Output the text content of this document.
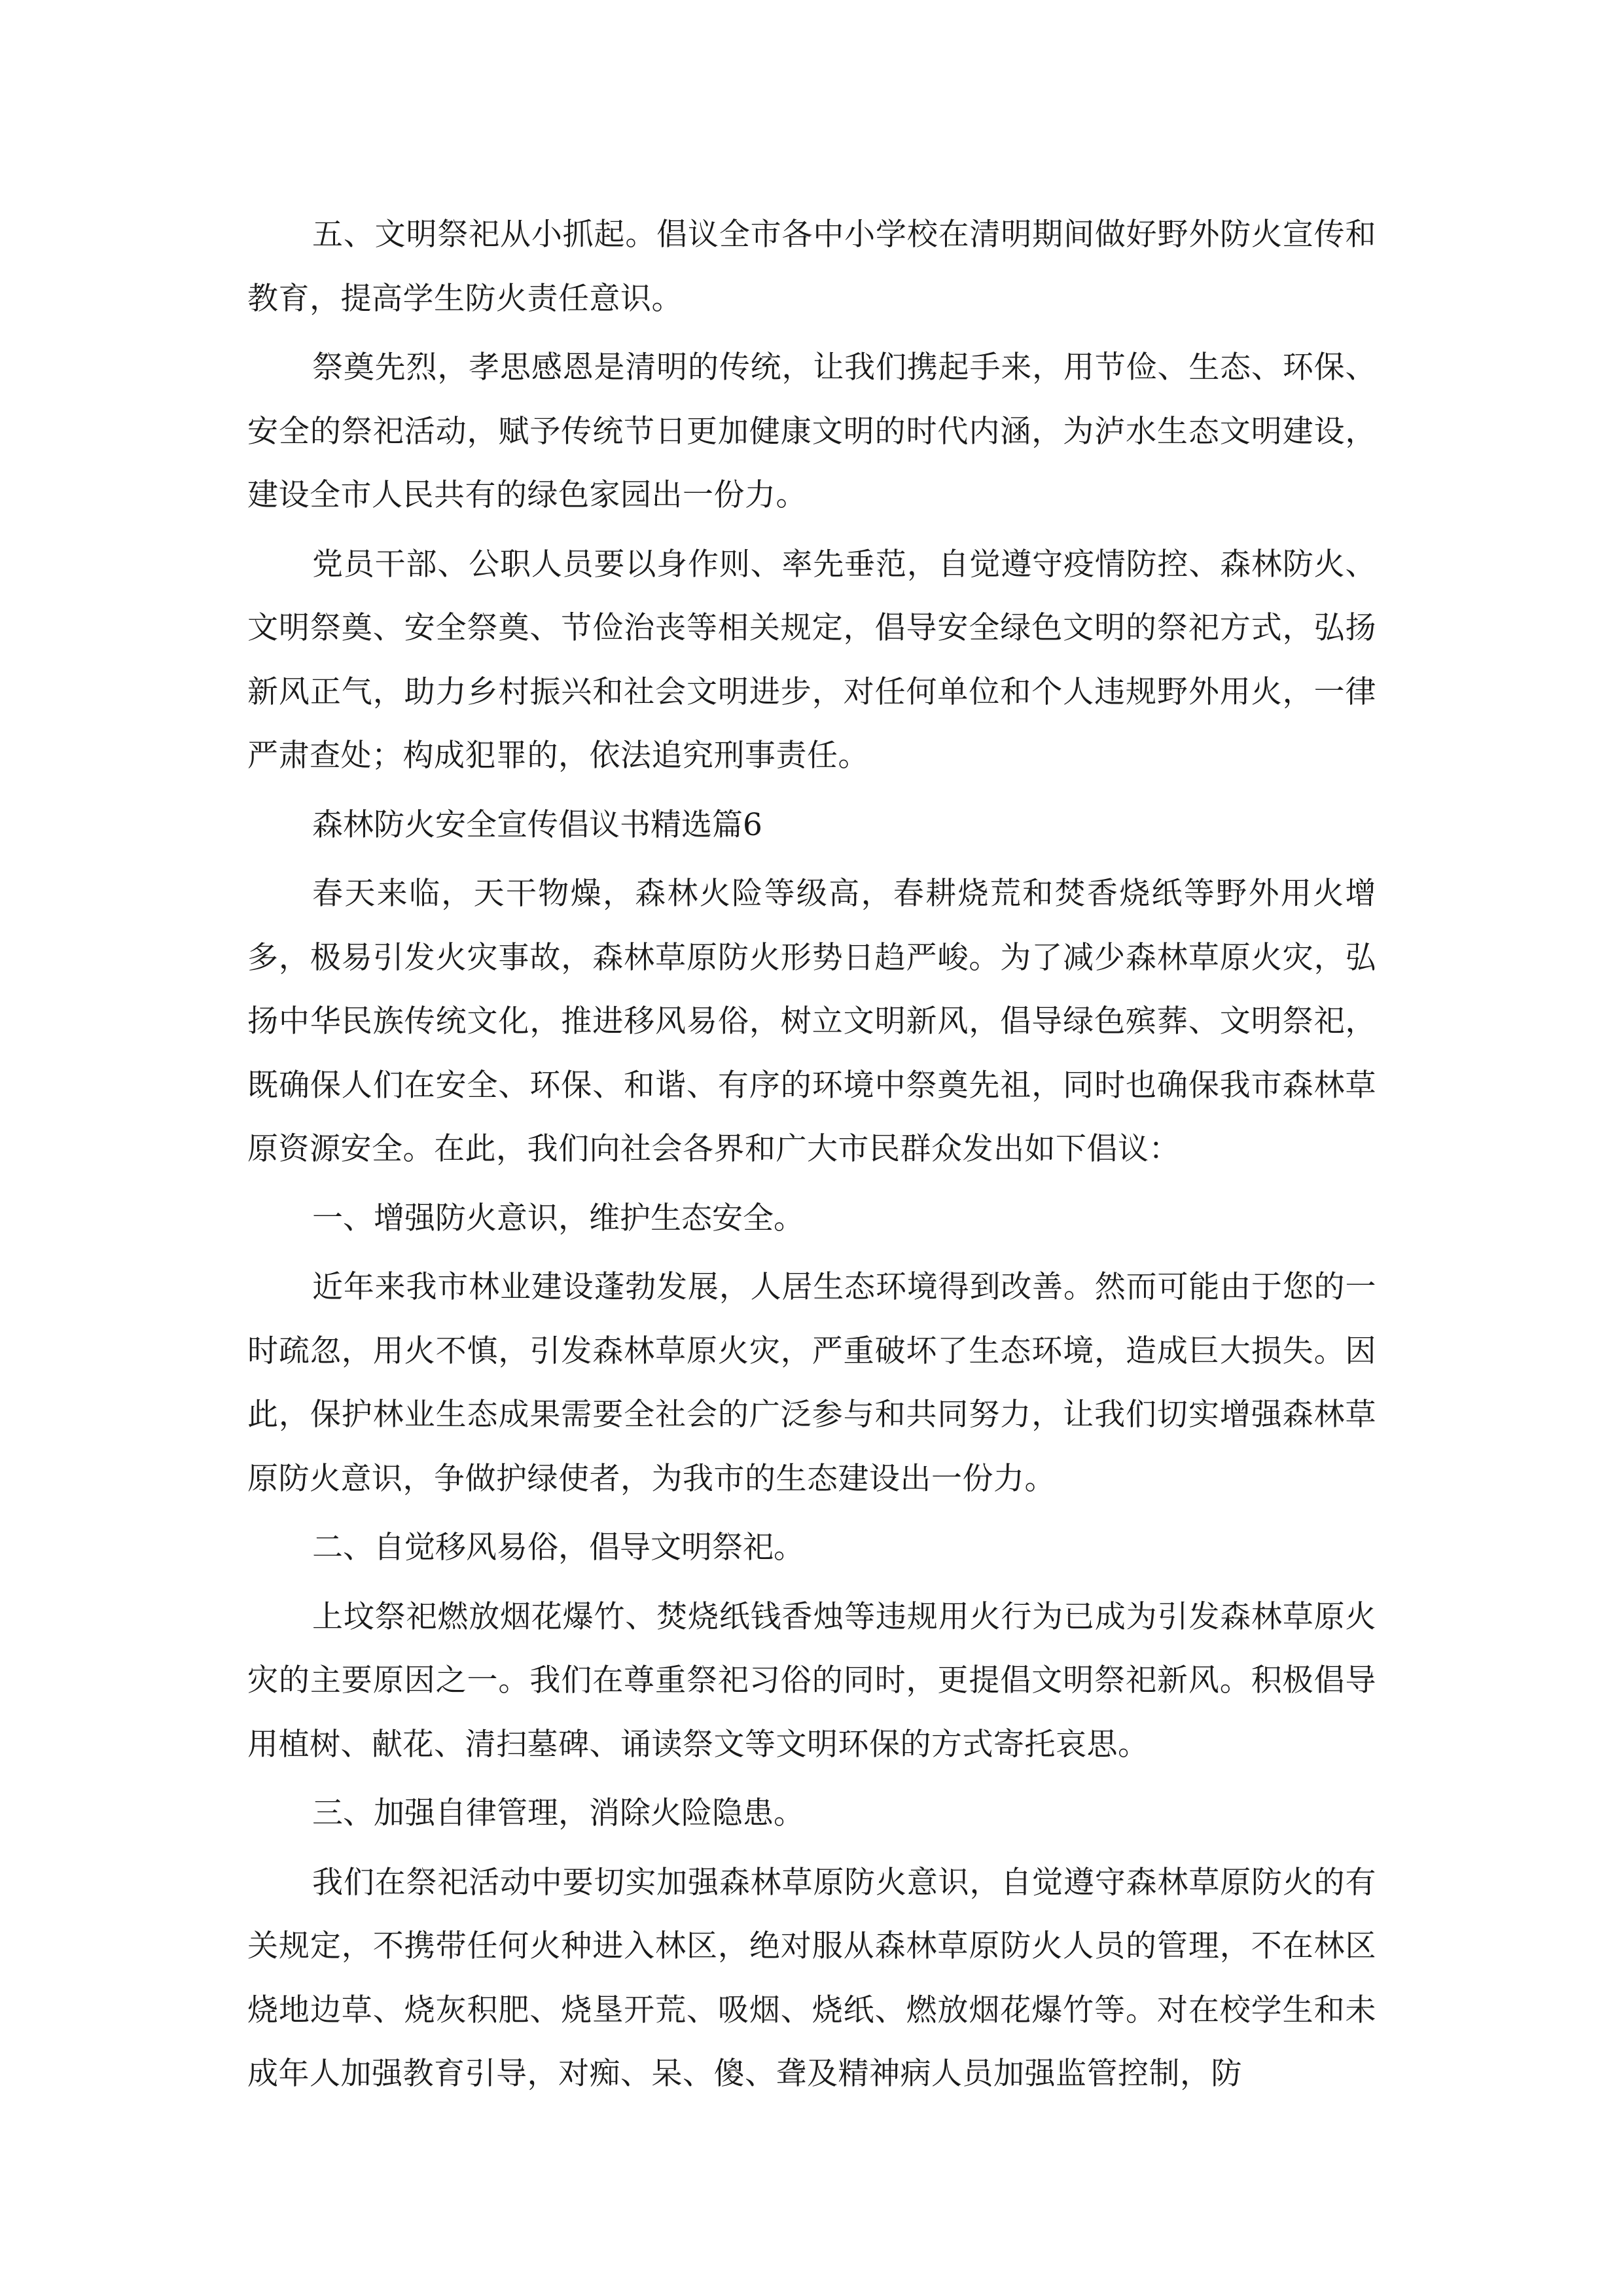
五、文明祭祀从小抓起。倡议全市各中小学校在清明期间做好野外防火宣传和教育，提高学生防火责任意识。

祭奠先烈，孝思感恩是清明的传统，让我们携起手来，用节俭、生态、环保、安全的祭祀活动，赋予传统节日更加健康文明的时代内涵，为泸水生态文明建设，建设全市人民共有的绿色家园出一份力。

党员干部、公职人员要以身作则、率先垂范，自觉遵守疫情防控、森林防火、文明祭奠、安全祭奠、节俭治丧等相关规定，倡导安全绿色文明的祭祀方式，弘扬新风正气，助力乡村振兴和社会文明进步，对任何单位和个人违规野外用火，一律严肃查处；构成犯罪的，依法追究刑事责任。

森林防火安全宣传倡议书精选篇6

春天来临，天干物燥，森林火险等级高，春耕烧荒和焚香烧纸等野外用火增多，极易引发火灾事故，森林草原防火形势日趋严峻。为了减少森林草原火灾，弘扬中华民族传统文化，推进移风易俗，树立文明新风，倡导绿色殡葬、文明祭祀，既确保人们在安全、环保、和谐、有序的环境中祭奠先祖，同时也确保我市森林草原资源安全。在此，我们向社会各界和广大市民群众发出如下倡议：

一、增强防火意识，维护生态安全。

近年来我市林业建设蓬勃发展，人居生态环境得到改善。然而可能由于您的一时疏忽，用火不慎，引发森林草原火灾，严重破坏了生态环境，造成巨大损失。因此，保护林业生态成果需要全社会的广泛参与和共同努力，让我们切实增强森林草原防火意识，争做护绿使者，为我市的生态建设出一份力。

二、自觉移风易俗，倡导文明祭祀。

上坟祭祀燃放烟花爆竹、焚烧纸钱香烛等违规用火行为已成为引发森林草原火灾的主要原因之一。我们在尊重祭祀习俗的同时，更提倡文明祭祀新风。积极倡导用植树、献花、清扫墓碑、诵读祭文等文明环保的方式寄托哀思。

三、加强自律管理，消除火险隐患。

我们在祭祀活动中要切实加强森林草原防火意识，自觉遵守森林草原防火的有关规定，不携带任何火种进入林区，绝对服从森林草原防火人员的管理，不在林区烧地边草、烧灰积肥、烧垦开荒、吸烟、烧纸、燃放烟花爆竹等。对在校学生和未成年人加强教育引导，对痴、呆、傻、聋及精神病人员加强监管控制，防
